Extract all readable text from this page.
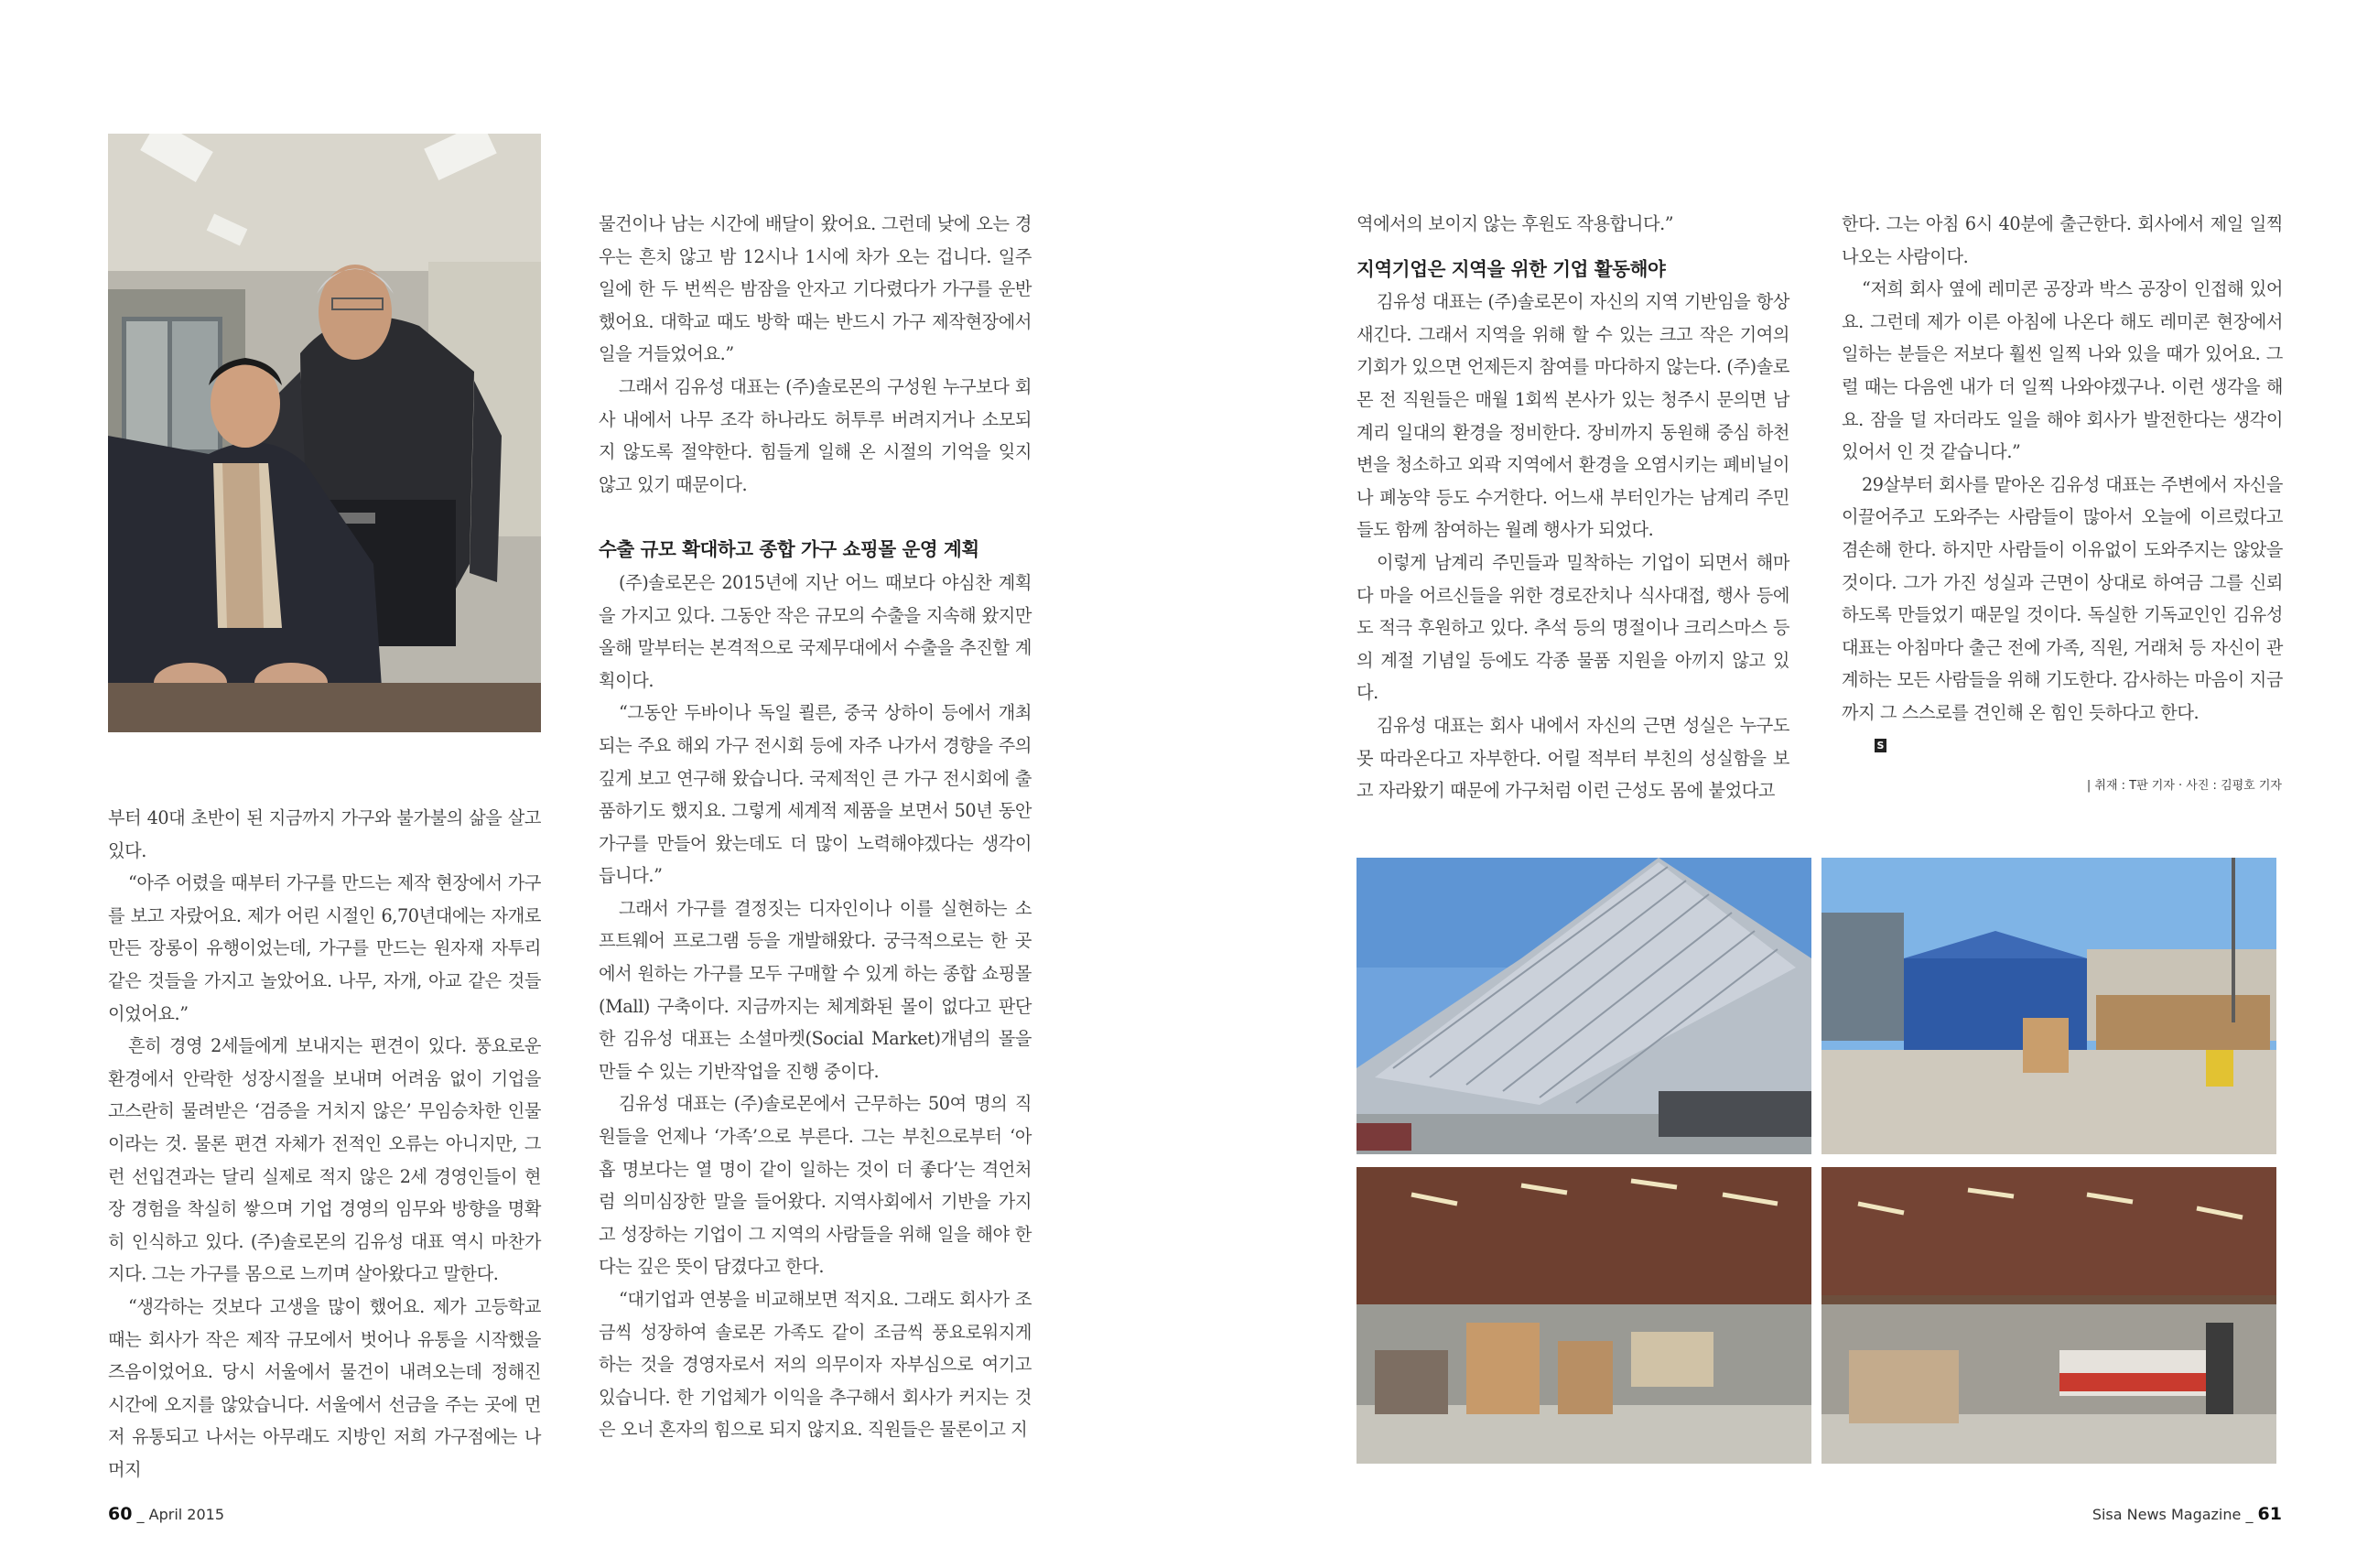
부터 40대 초반이 된 지금까지 가구와 불가불의 삶을 살고 있다.

“아주 어렸을 때부터 가구를 만드는 제작 현장에서 가구를 보고 자랐어요. 제가 어린 시절인 6,70년대에는 자개로 만든 장롱이 유행이었는데, 가구를 만드는 원자재 자투리 같은 것들을 가지고 놀았어요. 나무, 자개, 아교 같은 것들이었어요.”

흔히 경영 2세들에게 보내지는 편견이 있다. 풍요로운 환경에서 안락한 성장시절을 보내며 어려움 없이 기업을 고스란히 물려받은 ‘검증을 거치지 않은’ 무임승차한 인물이라는 것. 물론 편견 자체가 전적인 오류는 아니지만, 그런 선입견과는 달리 실제로 적지 않은 2세 경영인들이 현장 경험을 착실히 쌓으며 기업 경영의 임무와 방향을 명확히 인식하고 있다. (주)솔로몬의 김유성 대표 역시 마찬가지다. 그는 가구를 몸으로 느끼며 살아왔다고 말한다.

“생각하는 것보다 고생을 많이 했어요. 제가 고등학교 때는 회사가 작은 제작 규모에서 벗어나 유통을 시작했을 즈음이었어요. 당시 서울에서 물건이 내려오는데 정해진 시간에 오지를 않았습니다. 서울에서 선금을 주는 곳에 먼저 유통되고 나서는 아무래도 지방인 저희 가구점에는 나머지

물건이나 남는 시간에 배달이 왔어요. 그런데 낮에 오는 경우는 흔치 않고 밤 12시나 1시에 차가 오는 겁니다. 일주일에 한 두 번씩은 밤잠을 안자고 기다렸다가 가구를 운반했어요. 대학교 때도 방학 때는 반드시 가구 제작현장에서 일을 거들었어요.”

그래서 김유성 대표는 (주)솔로몬의 구성원 누구보다 회사 내에서 나무 조각 하나라도 허투루 버려지거나 소모되지 않도록 절약한다. 힘들게 일해 온 시절의 기억을 잊지 않고 있기 때문이다.

수출 규모 확대하고 종합 가구 쇼핑몰 운영 계획

(주)솔로몬은 2015년에 지난 어느 때보다 야심찬 계획을 가지고 있다. 그동안 작은 규모의 수출을 지속해 왔지만 올해 말부터는 본격적으로 국제무대에서 수출을 추진할 계획이다.

“그동안 두바이나 독일 쾰른, 중국 상하이 등에서 개최되는 주요 해외 가구 전시회 등에 자주 나가서 경향을 주의깊게 보고 연구해 왔습니다. 국제적인 큰 가구 전시회에 출품하기도 했지요. 그렇게 세계적 제품을 보면서 50년 동안 가구를 만들어 왔는데도 더 많이 노력해야겠다는 생각이 듭니다.”

그래서 가구를 결정짓는 디자인이나 이를 실현하는 소프트웨어 프로그램 등을 개발해왔다. 궁극적으로는 한 곳에서 원하는 가구를 모두 구매할 수 있게 하는 종합 쇼핑몰(Mall) 구축이다. 지금까지는 체계화된 몰이 없다고 판단한 김유성 대표는 소셜마켓(Social Market)개념의 몰을 만들 수 있는 기반작업을 진행 중이다.

김유성 대표는 (주)솔로몬에서 근무하는 50여 명의 직원들을 언제나 ‘가족’으로 부른다. 그는 부친으로부터 ‘아홉 명보다는 열 명이 같이 일하는 것이 더 좋다’는 격언처럼 의미심장한 말을 들어왔다. 지역사회에서 기반을 가지고 성장하는 기업이 그 지역의 사람들을 위해 일을 해야 한다는 깊은 뜻이 담겼다고 한다.

“대기업과 연봉을 비교해보면 적지요. 그래도 회사가 조금씩 성장하여 솔로몬 가족도 같이 조금씩 풍요로워지게 하는 것을 경영자로서 저의 의무이자 자부심으로 여기고 있습니다. 한 기업체가 이익을 추구해서 회사가 커지는 것은 오너 혼자의 힘으로 되지 않지요. 직원들은 물론이고 지

60 _ April 2015

역에서의 보이지 않는 후원도 작용합니다.”

지역기업은 지역을 위한 기업 활동해야

김유성 대표는 (주)솔로몬이 자신의 지역 기반임을 항상 새긴다. 그래서 지역을 위해 할 수 있는 크고 작은 기여의 기회가 있으면 언제든지 참여를 마다하지 않는다. (주)솔로몬 전 직원들은 매월 1회씩 본사가 있는 청주시 문의면 남계리 일대의 환경을 정비한다. 장비까지 동원해 중심 하천변을 청소하고 외곽 지역에서 환경을 오염시키는 폐비닐이나 폐농약 등도 수거한다. 어느새 부터인가는 남계리 주민들도 함께 참여하는 월례 행사가 되었다.

이렇게 남계리 주민들과 밀착하는 기업이 되면서 해마다 마을 어르신들을 위한 경로잔치나 식사대접, 행사 등에도 적극 후원하고 있다. 추석 등의 명절이나 크리스마스 등의 계절 기념일 등에도 각종 물품 지원을 아끼지 않고 있다.

김유성 대표는 회사 내에서 자신의 근면 성실은 누구도 못 따라온다고 자부한다. 어릴 적부터 부친의 성실함을 보고 자라왔기 때문에 가구처럼 이런 근성도 몸에 붙었다고

한다. 그는 아침 6시 40분에 출근한다. 회사에서 제일 일찍 나오는 사람이다.

“저희 회사 옆에 레미콘 공장과 박스 공장이 인접해 있어요. 그런데 제가 이른 아침에 나온다 해도 레미콘 현장에서 일하는 분들은 저보다 훨씬 일찍 나와 있을 때가 있어요. 그럴 때는 다음엔 내가 더 일찍 나와야겠구나. 이런 생각을 해요. 잠을 덜 자더라도 일을 해야 회사가 발전한다는 생각이 있어서 인 것 같습니다.”

29살부터 회사를 맡아온 김유성 대표는 주변에서 자신을 이끌어주고 도와주는 사람들이 많아서 오늘에 이르렀다고 겸손해 한다. 하지만 사람들이 이유없이 도와주지는 않았을 것이다. 그가 가진 성실과 근면이 상대로 하여금 그를 신뢰하도록 만들었기 때문일 것이다. 독실한 기독교인인 김유성 대표는 아침마다 출근 전에 가족, 직원, 거래처 등 자신이 관계하는 모든 사람들을 위해 기도한다. 감사하는 마음이 지금까지 그 스스로를 견인해 온 힘인 듯하다고 한다.

S
| 취재 : T판 기자 · 사진 : 김평호 기자
Sisa News Magazine _ 61
